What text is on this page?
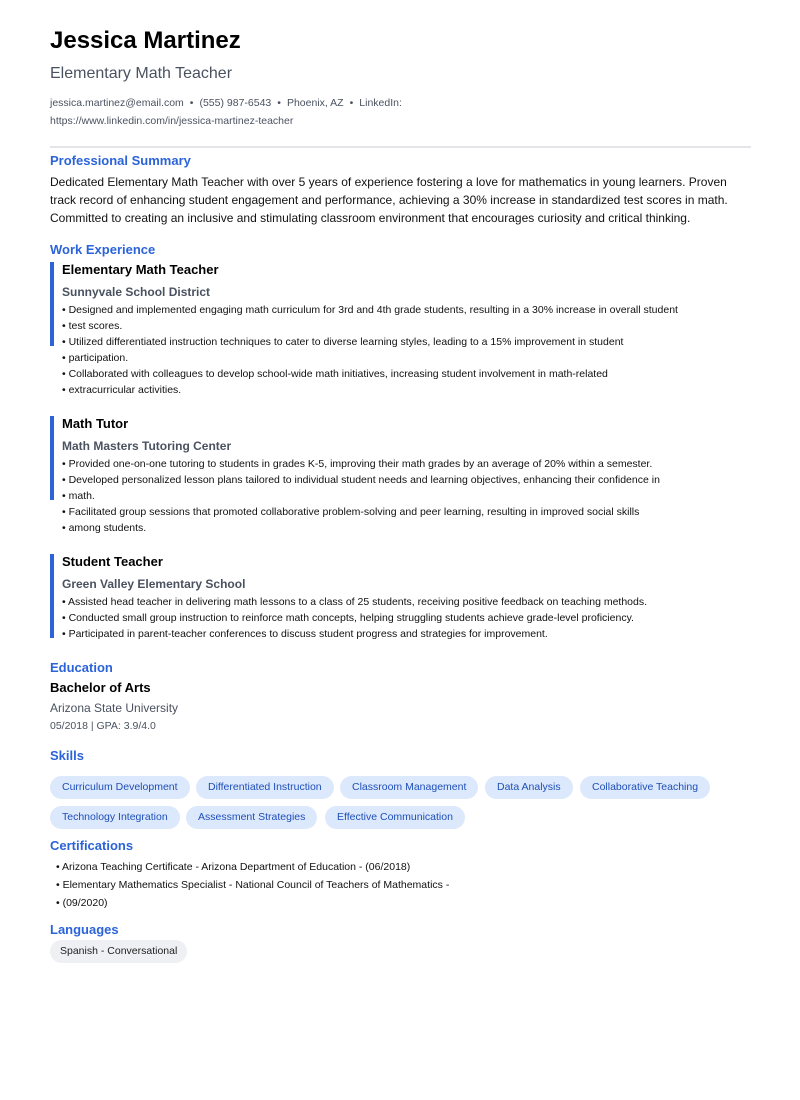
Jessica Martinez
Elementary Math Teacher
jessica.martinez@email.com • (555) 987-6543 • Phoenix, AZ • LinkedIn:
https://www.linkedin.com/in/jessica-martinez-teacher
Professional Summary
Dedicated Elementary Math Teacher with over 5 years of experience fostering a love for mathematics in young learners. Proven
track record of enhancing student engagement and performance, achieving a 30% increase in standardized test scores in math.
Committed to creating an inclusive and stimulating classroom environment that encourages curiosity and critical thinking.
Work Experience
Elementary Math Teacher
Sunnyvale School District
• Designed and implemented engaging math curriculum for 3rd and 4th grade students, resulting in a 30% increase in overall student
• test scores.
• Utilized differentiated instruction techniques to cater to diverse learning styles, leading to a 15% improvement in student
• participation.
• Collaborated with colleagues to develop school-wide math initiatives, increasing student involvement in math-related
• extracurricular activities.
Math Tutor
Math Masters Tutoring Center
• Provided one-on-one tutoring to students in grades K-5, improving their math grades by an average of 20% within a semester.
• Developed personalized lesson plans tailored to individual student needs and learning objectives, enhancing their confidence in
• math.
• Facilitated group sessions that promoted collaborative problem-solving and peer learning, resulting in improved social skills
• among students.
Student Teacher
Green Valley Elementary School
• Assisted head teacher in delivering math lessons to a class of 25 students, receiving positive feedback on teaching methods.
• Conducted small group instruction to reinforce math concepts, helping struggling students achieve grade-level proficiency.
• Participated in parent-teacher conferences to discuss student progress and strategies for improvement.
Education
Bachelor of Arts
Arizona State University
05/2018 | GPA: 3.9/4.0
Skills
Curriculum Development	Differentiated Instruction	Classroom Management	Data Analysis	Collaborative Teaching
Technology Integration	Assessment Strategies	Effective Communication
Certifications
• Arizona Teaching Certificate - Arizona Department of Education - (06/2018)
• Elementary Mathematics Specialist - National Council of Teachers of Mathematics -
• (09/2020)
Languages
Spanish - Conversational
